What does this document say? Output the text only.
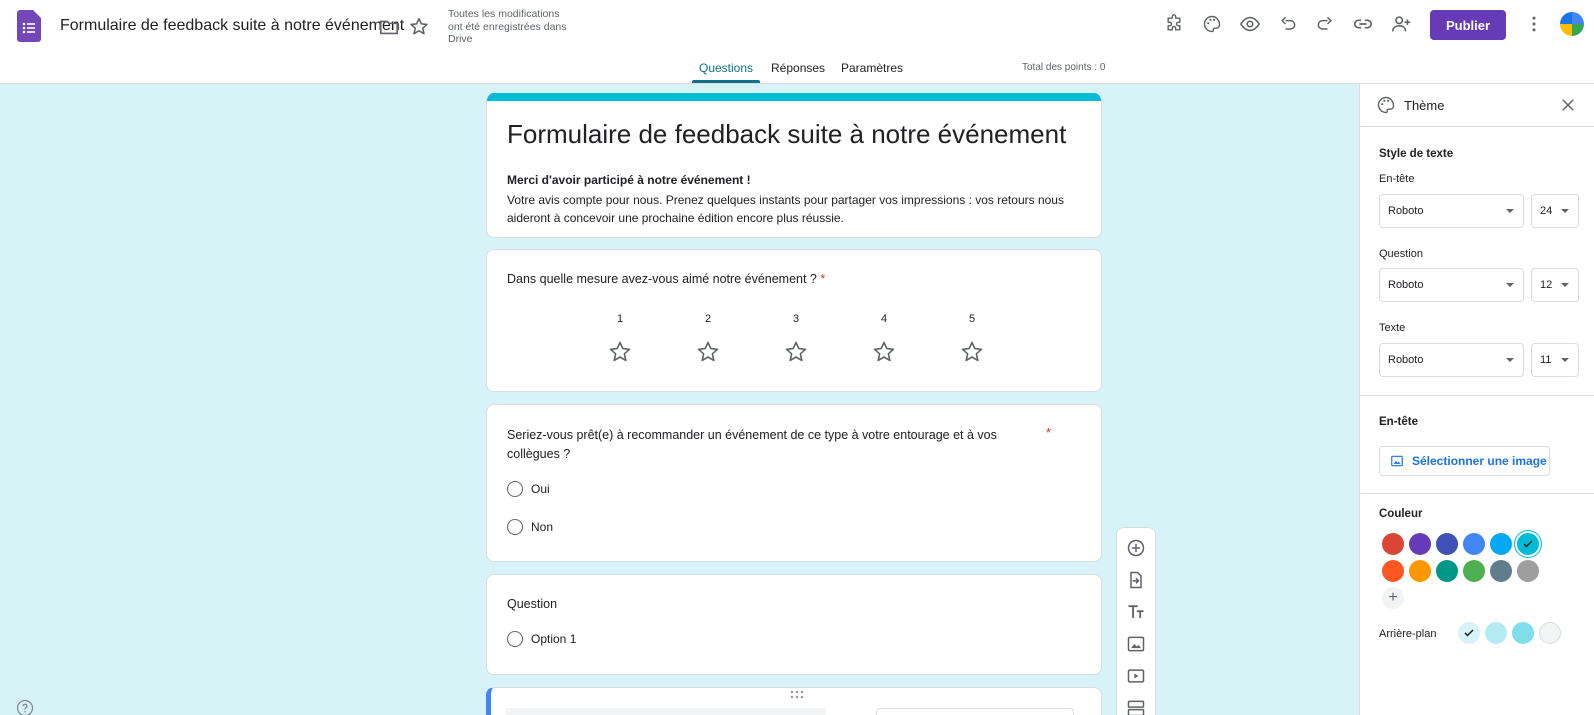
Formulaire de feedback suite à notre événement
Toutes les modifications ont été enregistrées dans Drive
Publier
Questions Réponses Paramètres	Total des points : 0
Formulaire de feedback suite à notre événement
Merci d'avoir participé à notre événement !
Votre avis compte pour nous. Prenez quelques instants pour partager vos impressions : vos retours nous aideront à concevoir une prochaine édition encore plus réussie.
Dans quelle mesure avez-vous aimé notre événement ? *
1	2	3	4	5
Seriez-vous prêt(e) à recommander un événement de ce type à votre entourage et à vos collègues ?
*
Oui
Non
Question
Option 1
Thème
Style de texte
En-tête
Roboto	24
Question
Roboto	12
Texte
Roboto	11
En-tête
Sélectionner une image
Couleur
+
Arrière-plan
